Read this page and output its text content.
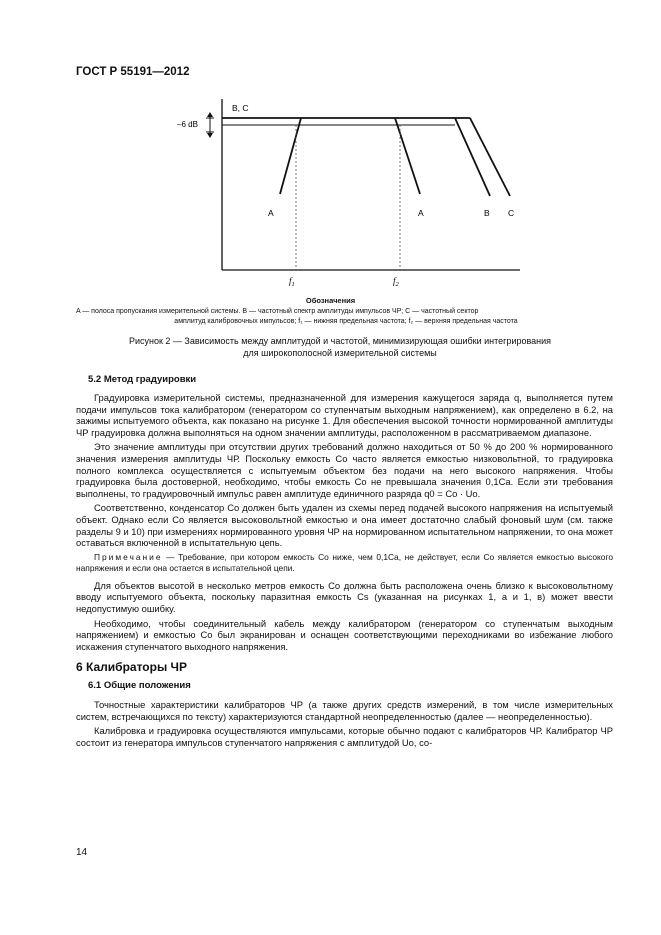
ГОСТ Р 55191—2012
B, C
–6 dB
A	A	B C
$f_1$	$f_2$
Обозначения
A — полоса пропускания измерительной системы. B — частотный спектр амплитуды импульсов ЧР; C — частотный сектор
амплитуд калибровочных импульсов; f₁ — нижняя предельная частота; f₂ — верхняя предельная частота
Рисунок 2 — Зависимость между амплитудой и частотой, минимизирующая ошибки интегрирования
для широкополосной измерительной системы
5.2 Метод градуировки

Градуировка измерительной системы, предназначенной для измерения кажущегося заряда q, выполняется путем подачи импульсов тока калибратором (генератором со ступенчатым выходным напряжением), как определено в 6.2, на зажимы испытуемого объекта, как показано на рисунке 1. Для обеспечения высокой точности нормированной амплитуды ЧР градуировка должна выполняться на одном значении амплитуды, расположенном в рассматриваемом диапазоне.

Это значение амплитуды при отсутствии других требований должно находиться от 50 % до 200 % нормированного значения измерения амплитуды ЧР. Поскольку емкость Cо часто является емкостью низковольтной, то градуировка полного комплекса осуществляется с испытуемым объектом без подачи на него высокого напряжения. Чтобы градуировка была достоверной, необходимо, чтобы емкость Cо не превышала значения 0,1Ca. Если эти требования выполнены, то градуировочный импульс равен амплитуде единичного разряда q0 = Cо · Uо.

Соответственно, конденсатор Cо должен быть удален из схемы перед подачей высокого напряжения на испытуемый объект. Однако если Cо является высоковольтной емкостью и она имеет достаточно слабый фоновый шум (см. также разделы 9 и 10) при измерениях нормированного уровня ЧР на нормированном испытательном напряжении, то она может оставаться включенной в испытательную цепь.

Примечание — Требование, при котором емкость Cо ниже, чем 0,1Ca, не действует, если Cо является емкостью высокого напряжения и если она остается в испытательной цепи.

Для объектов высотой в несколько метров емкость Cо должна быть расположена очень близко к высоковольтному вводу испытуемого объекта, поскольку паразитная емкость Cs (указанная на рисунках 1, а и 1, в) может ввести недопустимую ошибку.

Необходимо, чтобы соединительный кабель между калибратором (генератором со ступенчатым выходным напряжением) и емкостью Cо был экранирован и оснащен соответствующими переходниками во избежание любого искажения ступенчатого выходного напряжения.

6 Калибраторы ЧР
6.1 Общие положения

Точностные характеристики калибраторов ЧР (а также других средств измерений, в том числе измерительных систем, встречающихся по тексту) характеризуются стандартной неопределенностью (далее — неопределенностью).

Калибровка и градуировка осуществляются импульсами, которые обычно подают с калибраторов ЧР. Калибратор ЧР состоит из генератора импульсов ступенчатого напряжения с амплитудой Uо, со-

14
